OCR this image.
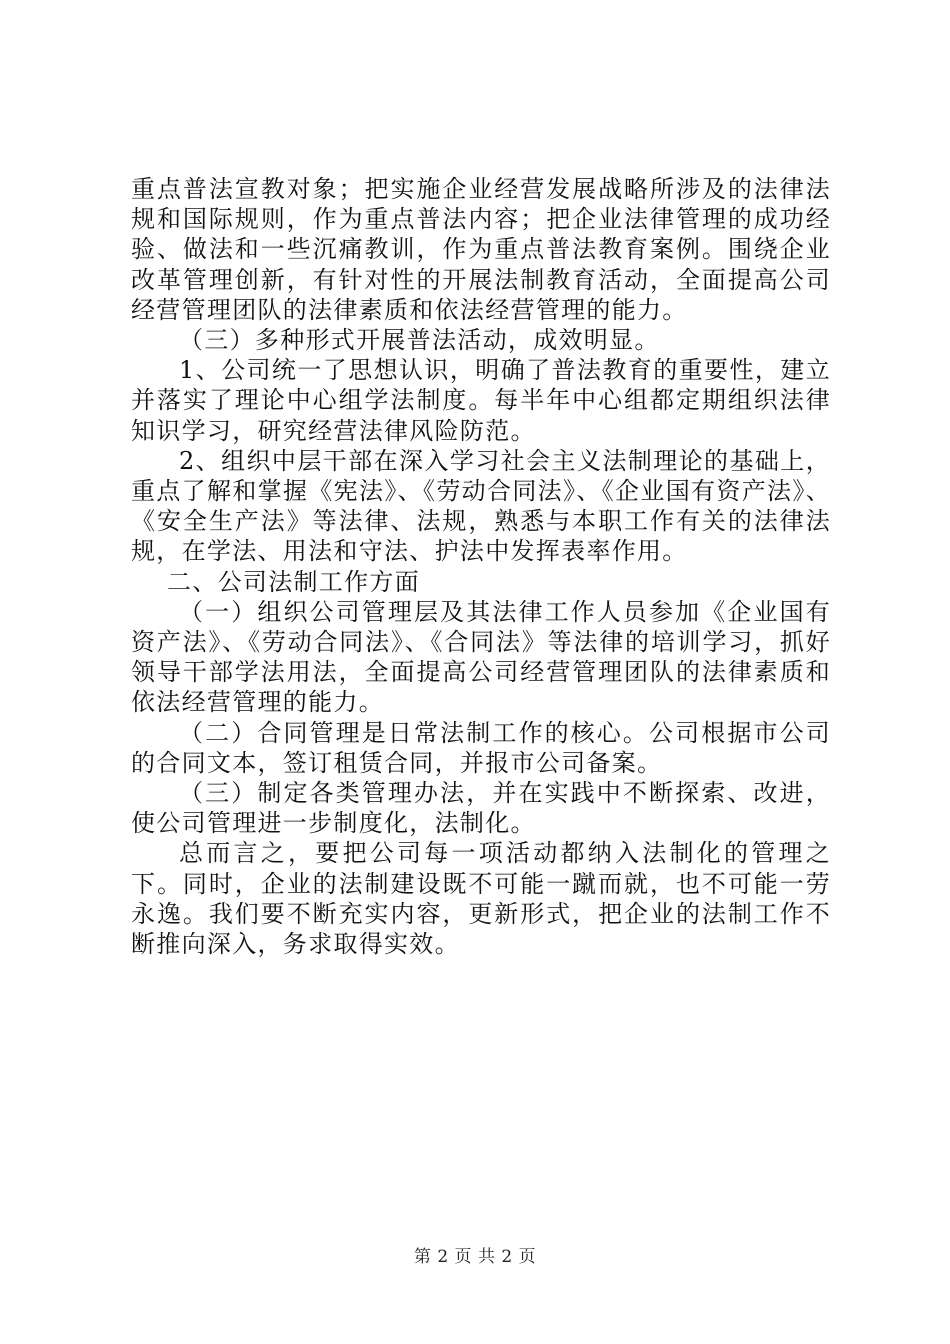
重点普法宣教对象；把实施企业经营发展战略所涉及的法律法规和国际规则，作为重点普法内容；把企业法律管理的成功经验、做法和一些沉痛教训，作为重点普法教育案例。围绕企业改革管理创新，有针对性的开展法制教育活动，全面提高公司经营管理团队的法律素质和依法经营管理的能力。

（三）多种形式开展普法活动，成效明显。

1、公司统一了思想认识，明确了普法教育的重要性，建立并落实了理论中心组学法制度。每半年中心组都定期组织法律知识学习，研究经营法律风险防范。

2、组织中层干部在深入学习社会主义法制理论的基础上，重点了解和掌握《宪法》、《劳动合同法》、《企业国有资产法》、《安全生产法》等法律、法规，熟悉与本职工作有关的法律法规，在学法、用法和守法、护法中发挥表率作用。

二、公司法制工作方面

（一）组织公司管理层及其法律工作人员参加《企业国有资产法》、《劳动合同法》、《合同法》等法律的培训学习，抓好领导干部学法用法，全面提高公司经营管理团队的法律素质和依法经营管理的能力。

（二）合同管理是日常法制工作的核心。公司根据市公司的合同文本，签订租赁合同，并报市公司备案。

（三）制定各类管理办法，并在实践中不断探索、改进，使公司管理进一步制度化，法制化。

总而言之，要把公司每一项活动都纳入法制化的管理之下。同时，企业的法制建设既不可能一蹴而就，也不可能一劳永逸。我们要不断充实内容，更新形式，把企业的法制工作不断推向深入，务求取得实效。

第 2 页 共 2 页
